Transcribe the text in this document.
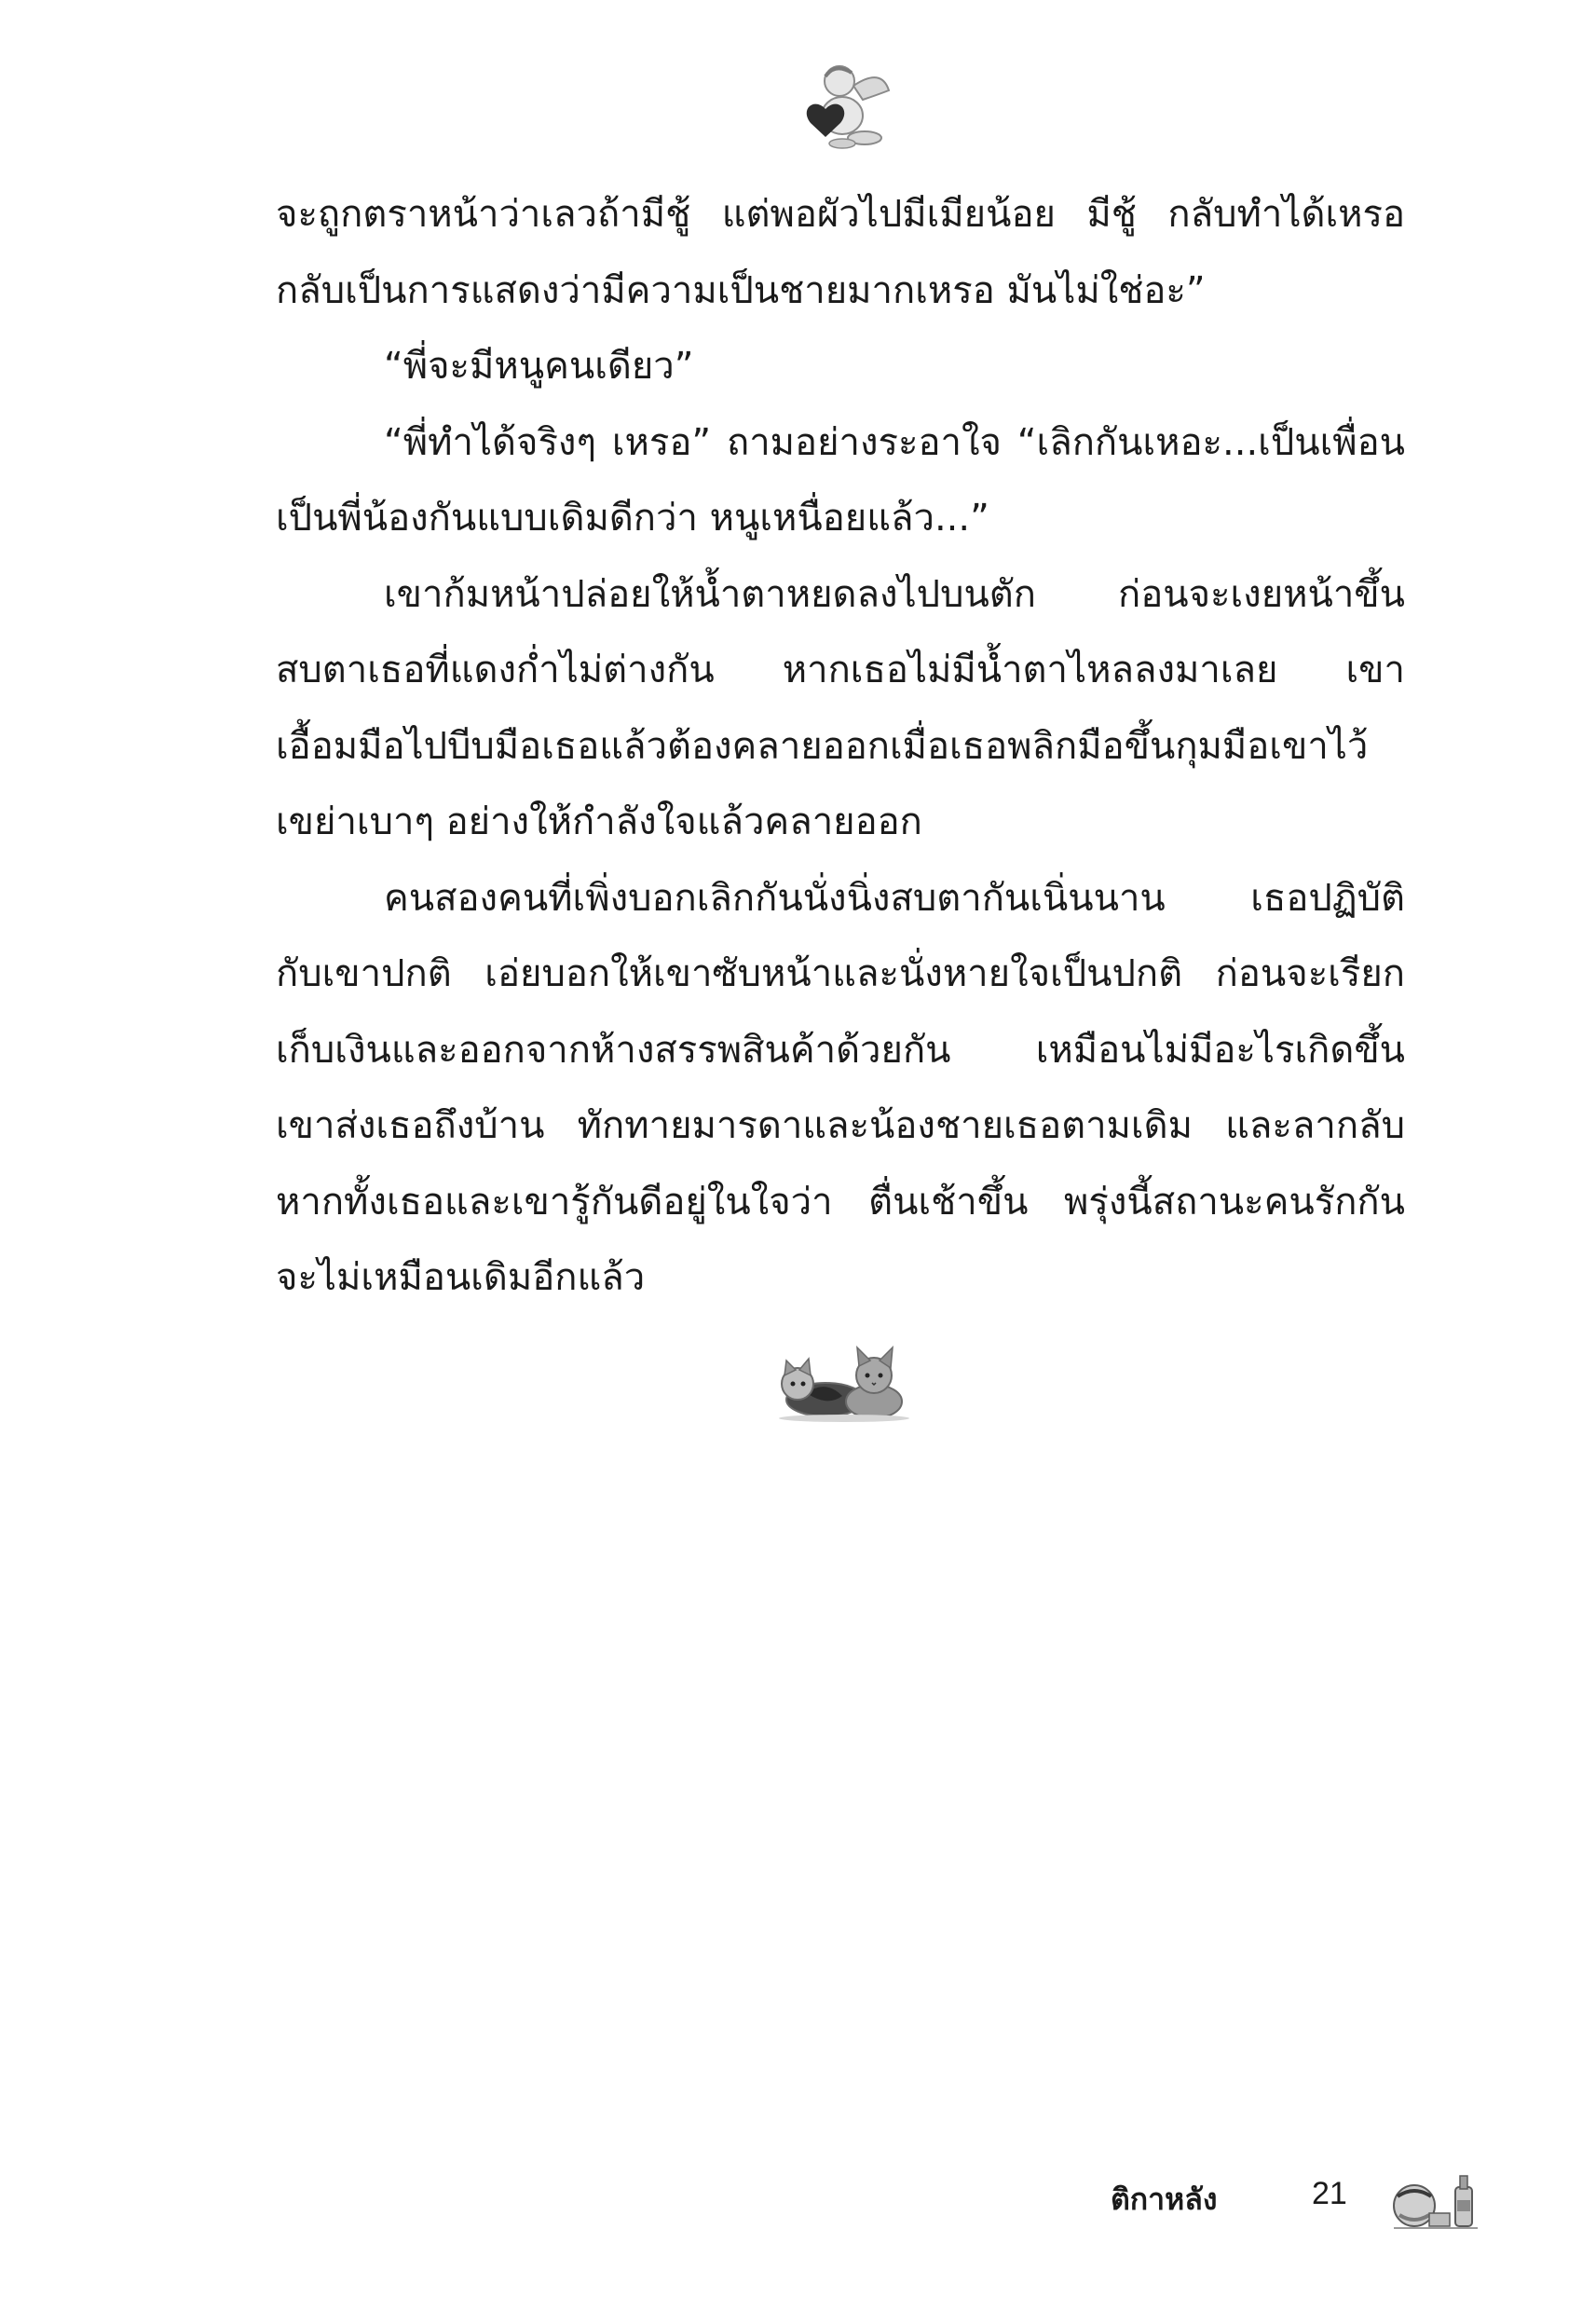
จะถูกตราหน้าว่าเลวถ้ามีชู้ แต่พอผัวไปมีเมียน้อย มีชู้ กลับทำได้เหรอ
กลับเป็นการแสดงว่ามีความเป็นชายมากเหรอ มันไม่ใช่อะ”
“พี่จะมีหนูคนเดียว”
“พี่ทำได้จริงๆ เหรอ” ถามอย่างระอาใจ “เลิกกันเหอะ...เป็นเพื่อน
เป็นพี่น้องกันแบบเดิมดีกว่า หนูเหนื่อยแล้ว...”
เขาก้มหน้าปล่อยให้น้ำตาหยดลงไปบนตัก ก่อนจะเงยหน้าขึ้น
สบตาเธอที่แดงก่ำไม่ต่างกัน หากเธอไม่มีน้ำตาไหลลงมาเลย เขา
เอื้อมมือไปบีบมือเธอแล้วต้องคลายออกเมื่อเธอพลิกมือขึ้นกุมมือเขาไว้
เขย่าเบาๆ อย่างให้กำลังใจแล้วคลายออก
คนสองคนที่เพิ่งบอกเลิกกันนั่งนิ่งสบตากันเนิ่นนาน เธอปฏิบัติ
กับเขาปกติ เอ่ยบอกให้เขาซับหน้าและนั่งหายใจเป็นปกติ ก่อนจะเรียก
เก็บเงินและออกจากห้างสรรพสินค้าด้วยกัน เหมือนไม่มีอะไรเกิดขึ้น
เขาส่งเธอถึงบ้าน ทักทายมารดาและน้องชายเธอตามเดิม และลากลับ
หากทั้งเธอและเขารู้กันดีอยู่ในใจว่า ตื่นเช้าขึ้น พรุ่งนี้สถานะคนรักกัน
จะไม่เหมือนเดิมอีกแล้ว
ติกาหลัง	21
